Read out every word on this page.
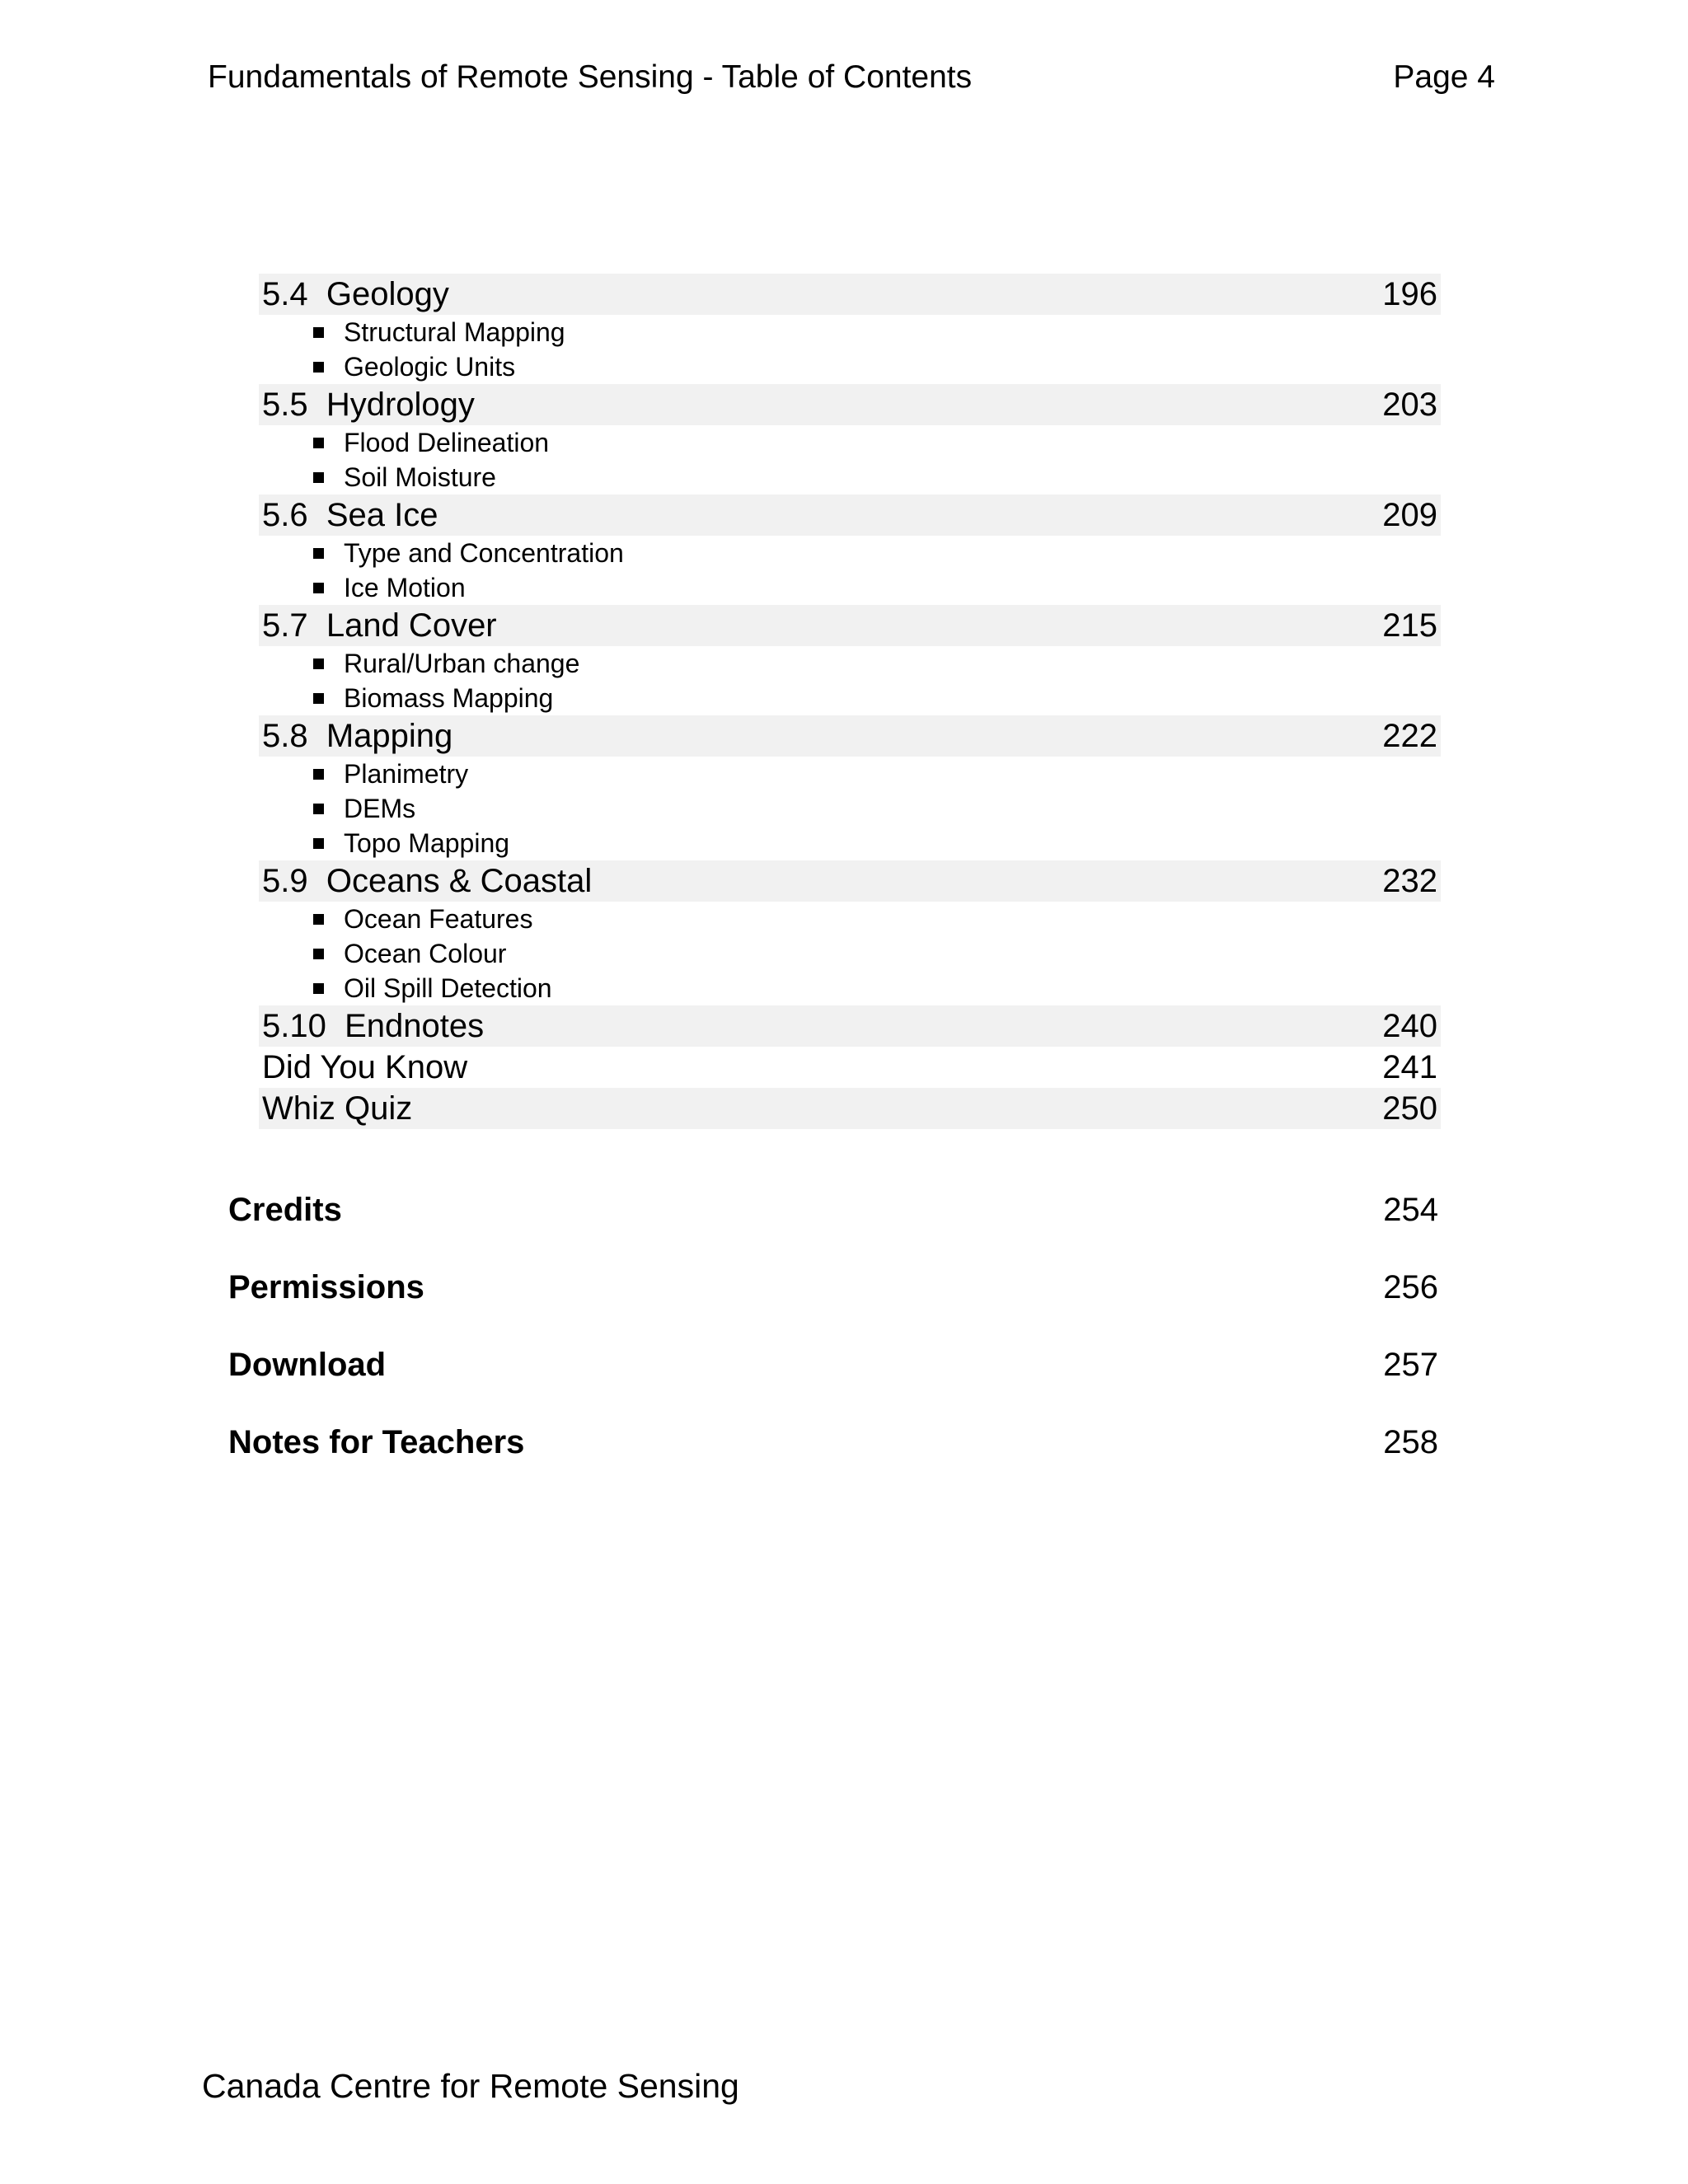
Fundamentals of Remote Sensing - Table of Contents	Page 4
5.4  Geology	196
Structural Mapping
Geologic Units
5.5  Hydrology	203
Flood Delineation
Soil Moisture
5.6  Sea Ice	209
Type and Concentration
Ice Motion
5.7  Land Cover	215
Rural/Urban change
Biomass Mapping
5.8  Mapping	222
Planimetry
DEMs
Topo Mapping
5.9  Oceans & Coastal	232
Ocean Features
Ocean Colour
Oil Spill Detection
5.10  Endnotes	240
Did You Know	241
Whiz Quiz	250
Credits	254
Permissions	256
Download	257
Notes for Teachers	258
Canada Centre for Remote Sensing
